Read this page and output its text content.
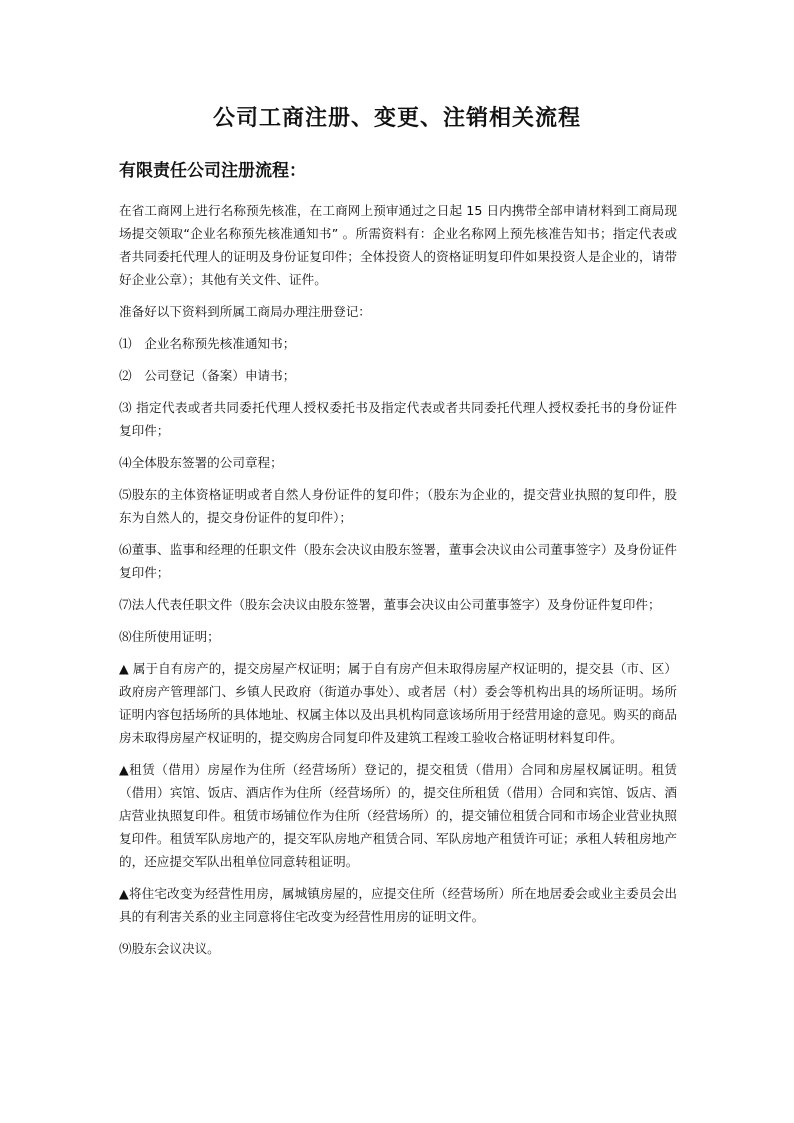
公司工商注册、变更、注销相关流程
有限责任公司注册流程：

在省工商网上进行名称预先核准，在工商网上预审通过之日起 15 日内携带全部申请材料到工商局现场提交领取“企业名称预先核准通知书” 。所需资料有：企业名称网上预先核准告知书；指定代表或者共同委托代理人的证明及身份证复印件；全体投资人的资格证明复印件如果投资人是企业的，请带好企业公章）；其他有关文件、证件。

准备好以下资料到所属工商局办理注册登记：

⑴　企业名称预先核准通知书；

⑵　公司登记（备案）申请书；

⑶ 指定代表或者共同委托代理人授权委托书及指定代表或者共同委托代理人授权委托书的身份证件复印件；

⑷全体股东签署的公司章程；

⑸股东的主体资格证明或者自然人身份证件的复印件；（股东为企业的，提交营业执照的复印件，股东为自然人的，提交身份证件的复印件）；

⑹董事、监事和经理的任职文件（股东会决议由股东签署，董事会决议由公司董事签字）及身份证件复印件；

⑺法人代表任职文件（股东会决议由股东签署，董事会决议由公司董事签字）及身份证件复印件；

⑻住所使用证明；

▲ 属于自有房产的，提交房屋产权证明；属于自有房产但未取得房屋产权证明的，提交县（市、区）政府房产管理部门、乡镇人民政府（街道办事处）、或者居（村）委会等机构出具的场所证明。场所证明内容包括场所的具体地址、权属主体以及出具机构同意该场所用于经营用途的意见。购买的商品房未取得房屋产权证明的，提交购房合同复印件及建筑工程竣工验收合格证明材料复印件。

▲租赁（借用）房屋作为住所（经营场所）登记的，提交租赁（借用）合同和房屋权属证明。租赁（借用）宾馆、饭店、酒店作为住所（经营场所）的，提交住所租赁（借用）合同和宾馆、饭店、酒店营业执照复印件。租赁市场铺位作为住所（经营场所）的，提交铺位租赁合同和市场企业营业执照复印件。租赁军队房地产的，提交军队房地产租赁合同、军队房地产租赁许可证；承租人转租房地产的，还应提交军队出租单位同意转租证明。

▲将住宅改变为经营性用房，属城镇房屋的，应提交住所（经营场所）所在地居委会或业主委员会出具的有利害关系的业主同意将住宅改变为经营性用房的证明文件。

⑼股东会议决议。
